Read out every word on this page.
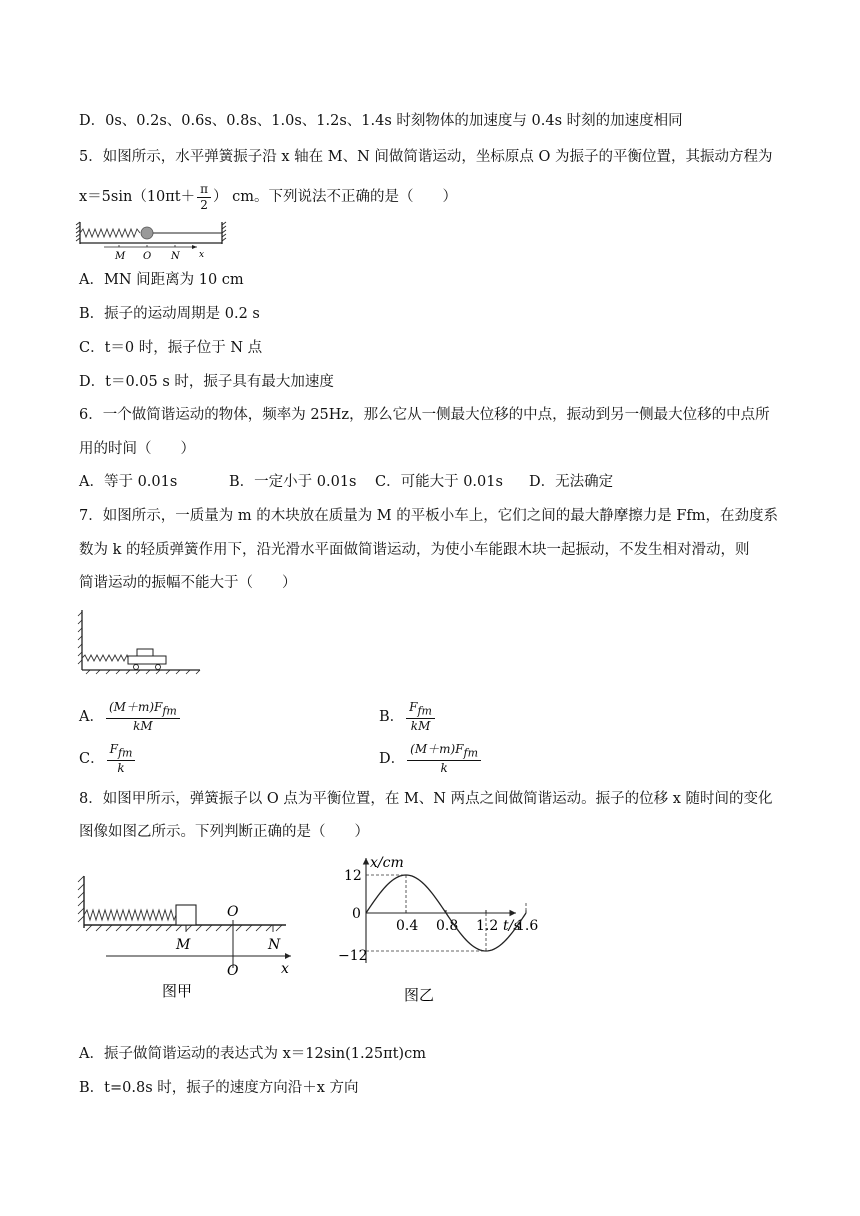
D．0s、0.2s、0.6s、0.8s、1.0s、1.2s、1.4s 时刻物体的加速度与 0.4s 时刻的加速度相同
5．如图所示，水平弹簧振子沿 x 轴在 M、N 间做简谐运动，坐标原点 O 为振子的平衡位置，其振动方程为
$x=5\sin(10\pi t+ \frac{\pi}{2}$ ） cm。下列说法不正确的是（　　）
M O N x
A．MN 间距离为 10 cm
B．振子的运动周期是 0.2 s
C．t＝0 时，振子位于 N 点
D．t＝0.05 s 时，振子具有最大加速度
6．一个做简谐运动的物体，频率为 25Hz，那么它从一侧最大位移的中点，振动到另一侧最大位移的中点所
用的时间（　　）
A．等于 0.01s	B．一定小于 0.01s C．可能大于 0.01s D．无法确定
7．如图所示，一质量为 m 的木块放在质量为 M 的平板小车上，它们之间的最大静摩擦力是 Ffm，在劲度系
数为 k 的轻质弹簧作用下，沿光滑水平面做简谐运动，为使小车能跟木块一起振动，不发生相对滑动，则
简谐运动的振幅不能大于（　　）
A． $\frac{(M+m)F_{fm}}{kM}$	B． $\frac{F_{fm}}{kM}$
C． $\frac{F_{fm}}{k}$	D． $\frac{(M+m)F_{fm}}{k}$
8．如图甲所示，弹簧振子以 O 点为平衡位置，在 M、N 两点之间做简谐运动。振子的位移 x 随时间的变化
图像如图乙所示。下列判断正确的是（　　）
O
M	N
O	x
图甲
x/cm
t/s
12
0
−12
0.4 0.8 1.2 1.6
图乙
A．振子做简谐运动的表达式为 x＝12sin(1.25πt)cm
B．t=0.8s 时，振子的速度方向沿＋x 方向
